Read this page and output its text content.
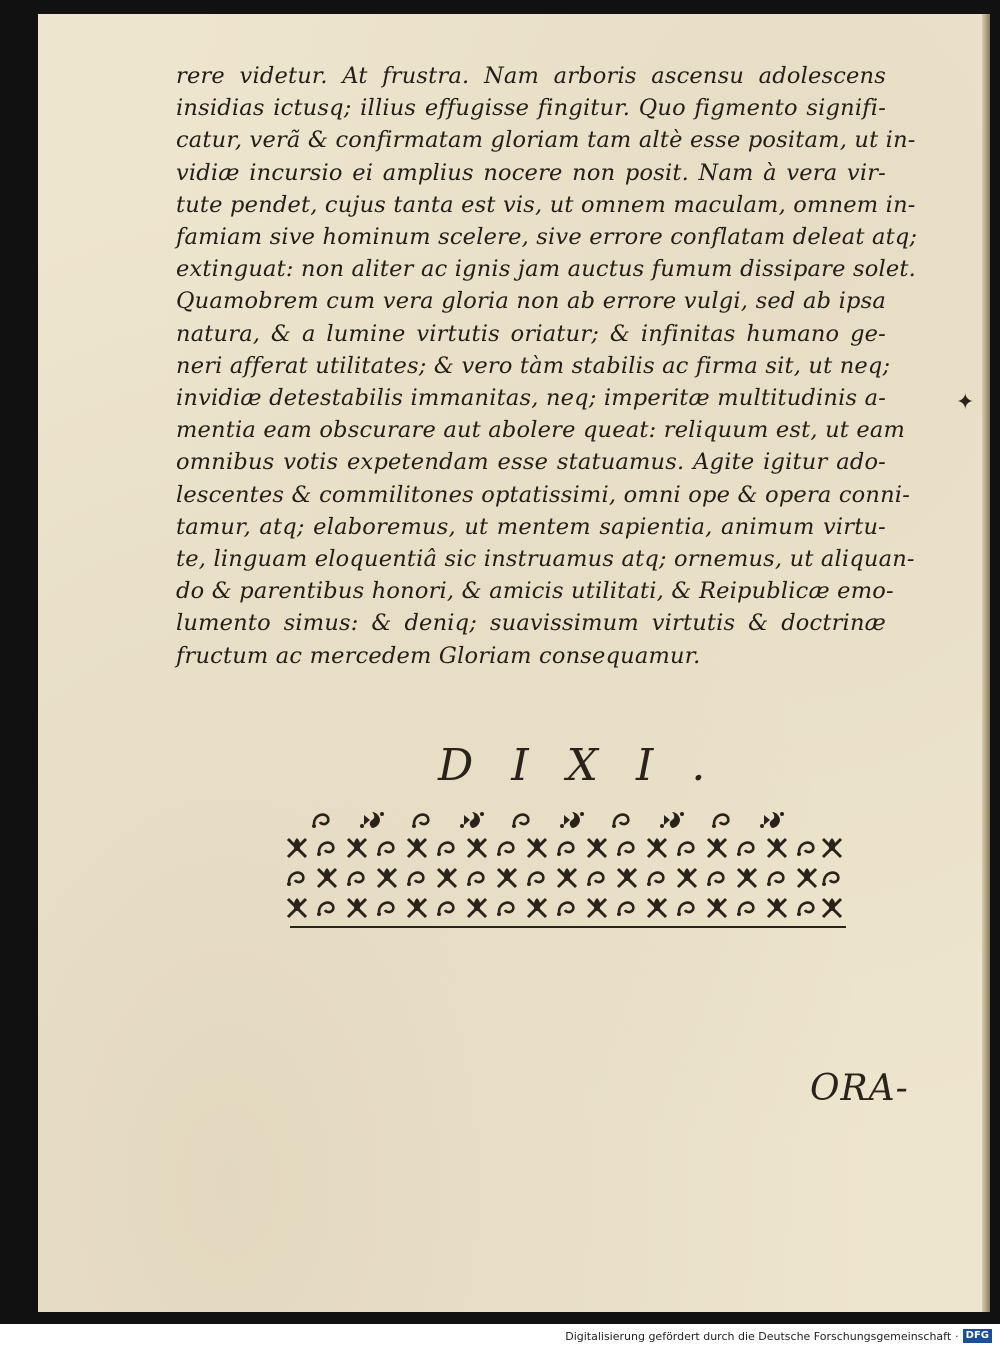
rere videtur. At frustra. Nam arboris ascensu adolescens
insidias ictusq; illius effugisse fingitur. Quo figmento signifi-
catur, verã & confirmatam gloriam tam altè esse positam, ut in-
vidiæ incursio ei amplius nocere non posit. Nam à vera vir-
tute pendet, cujus tanta est vis, ut omnem maculam, omnem in-
famiam sive hominum scelere, sive errore conflatam deleat atq;
extinguat: non aliter ac ignis jam auctus fumum dissipare solet.
Quamobrem cum vera gloria non ab errore vulgi, sed ab ipsa
natura, & a lumine virtutis oriatur; & infinitas humano ge-
neri afferat utilitates; & vero tàm stabilis ac firma sit, ut neq;
invidiæ detestabilis immanitas, neq; imperitæ multitudinis a-
mentia eam obscurare aut abolere queat: reliquum est, ut eam
omnibus votis expetendam esse statuamus. Agite igitur ado-
lescentes & commilitones optatissimi, omni ope & opera conni-
tamur, atq; elaboremus, ut mentem sapientia, animum virtu-
te, linguam eloquentiâ sic instruamus atq; ornemus, ut aliquan-
do & parentibus honori, & amicis utilitati, & Reipublicæ emo-
lumento simus: & deniq; suavissimum virtutis & doctrinæ
fructum ac mercedem Gloriam consequamur.
DIXI.
✦
ORA-
Digitalisierung gefördert durch die Deutsche Forschungsgemeinschaft · DFG
